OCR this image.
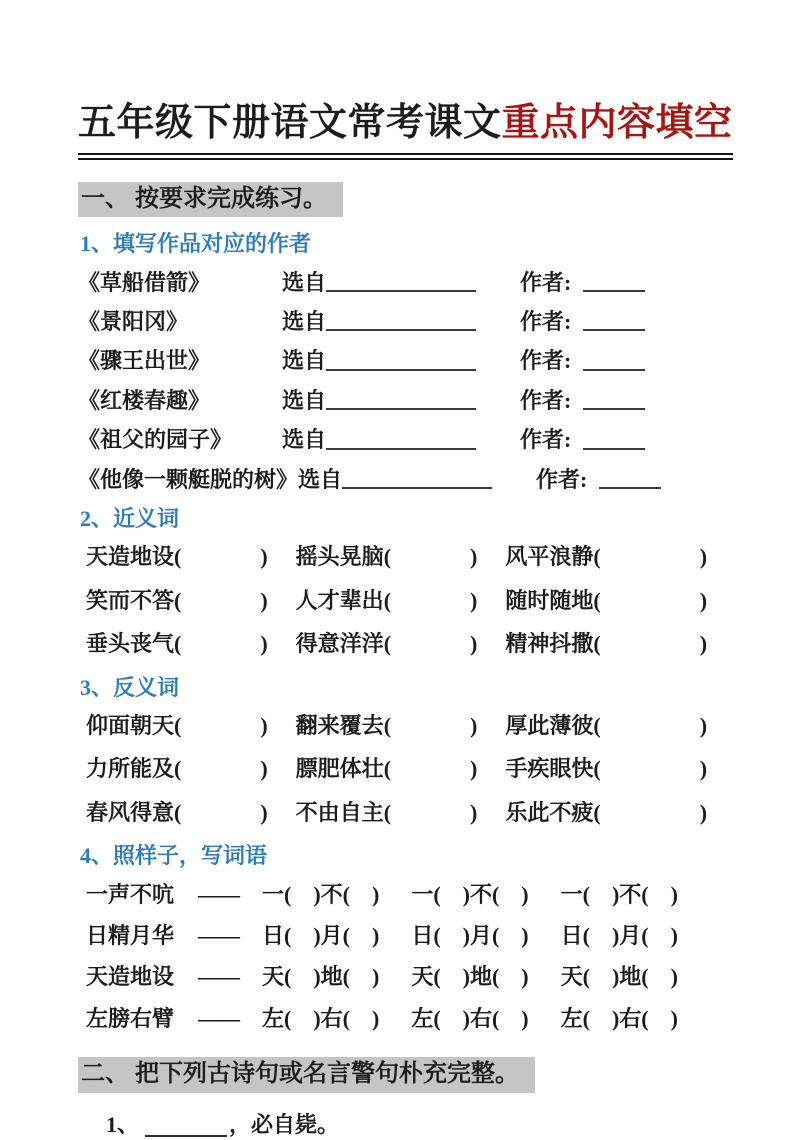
五年级下册语文常考课文重点内容填空
一、 按要求完成练习。
1、填写作品对应的作者
《草船借箭》	选自	作者:
《景阳冈》	选自	作者:
《骤王出世》	选自	作者:
《红楼春趣》	选自	作者:
《祖父的园子》	选自	作者:
《他像一颗艇脱的树》 选自	作者:
2、近义词
天造地设 (	) 摇头晃脑 (	) 风平浪静 (	)
笑而不答 (	) 人才辈出 (	) 随时随地 (	)
垂头丧气 (	) 得意洋洋 (	) 精神抖撒 (	)
3、反义词
仰面朝天 (	) 翻来覆去 (	) 厚此薄彼 (	)
力所能及 (	) 膘肥体壮 (	) 手疾眼快 (	)
春风得意 (	) 不由自主 (	) 乐此不疲 (	)
4、照样子，写词语
一声不吭	——	一(　)不(　) 一(　)不(　) 一(　)不(　)
日精月华	——	日(　)月(　) 日(　)月(　) 日(　)月(　)
天造地设	——	天(　)地(　) 天(　)地(　) 天(　)地(　)
左膀右臂	——	左(　)右(　) 左(　)右(　) 左(　)右(　)
二、 把下列古诗句或名言警句朴充完整。
1、	，必自毙。
